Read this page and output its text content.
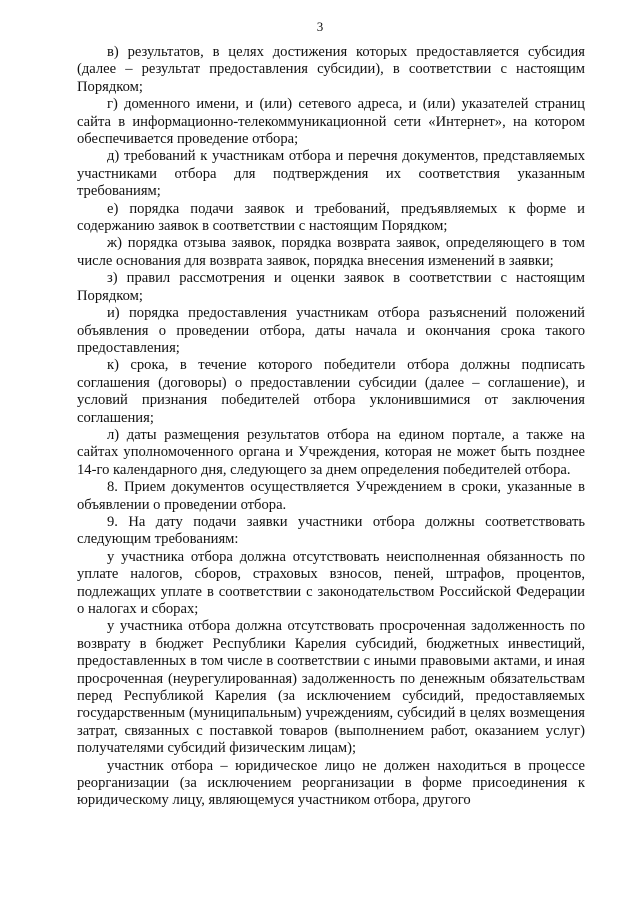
3

в) результатов, в целях достижения которых предоставляется субсидия (далее – результат предоставления субсидии), в соответствии с настоящим Порядком;

г) доменного имени, и (или) сетевого адреса, и (или) указателей страниц сайта в информационно-телекоммуникационной сети «Интернет», на котором обеспечивается проведение отбора;

д) требований к участникам отбора и перечня документов, представляемых участниками отбора для подтверждения их соответствия указанным требованиям;

е) порядка подачи заявок и требований, предъявляемых к форме и содержанию заявок в соответствии с настоящим Порядком;

ж) порядка отзыва заявок, порядка возврата заявок, определяющего в том числе основания для возврата заявок, порядка внесения изменений в заявки;

з) правил рассмотрения и оценки заявок в соответствии с настоящим Порядком;

и) порядка предоставления участникам отбора разъяснений положений объявления о проведении отбора, даты начала и окончания срока такого предоставления;

к) срока, в течение которого победители отбора должны подписать соглашения (договоры) о предоставлении субсидии (далее – соглашение), и условий признания победителей отбора уклонившимися от заключения соглашения;

л) даты размещения результатов отбора на едином портале, а также на сайтах уполномоченного органа и Учреждения, которая не может быть позднее 14-го календарного дня, следующего за днем определения победителей отбора.

8. Прием документов осуществляется Учреждением в сроки, указанные в объявлении о проведении отбора.

9. На дату подачи заявки участники отбора должны соответствовать следующим требованиям:

у участника отбора должна отсутствовать неисполненная обязанность по уплате налогов, сборов, страховых взносов, пеней, штрафов, процентов, подлежащих уплате в соответствии с законодательством Российской Федерации о налогах и сборах;

у участника отбора должна отсутствовать просроченная задолженность по возврату в бюджет Республики Карелия субсидий, бюджетных инвестиций, предоставленных в том числе в соответствии с иными правовыми актами, и иная просроченная (неурегулированная) задолженность по денежным обязательствам перед Республикой Карелия (за исключением субсидий, предоставляемых государственным (муниципальным) учреждениям, субсидий в целях возмещения затрат, связанных с поставкой товаров (выполнением работ, оказанием услуг) получателями субсидий физическим лицам);

участник отбора – юридическое лицо не должен находиться в процессе реорганизации (за исключением реорганизации в форме присоединения к юридическому лицу, являющемуся участником отбора, другого
